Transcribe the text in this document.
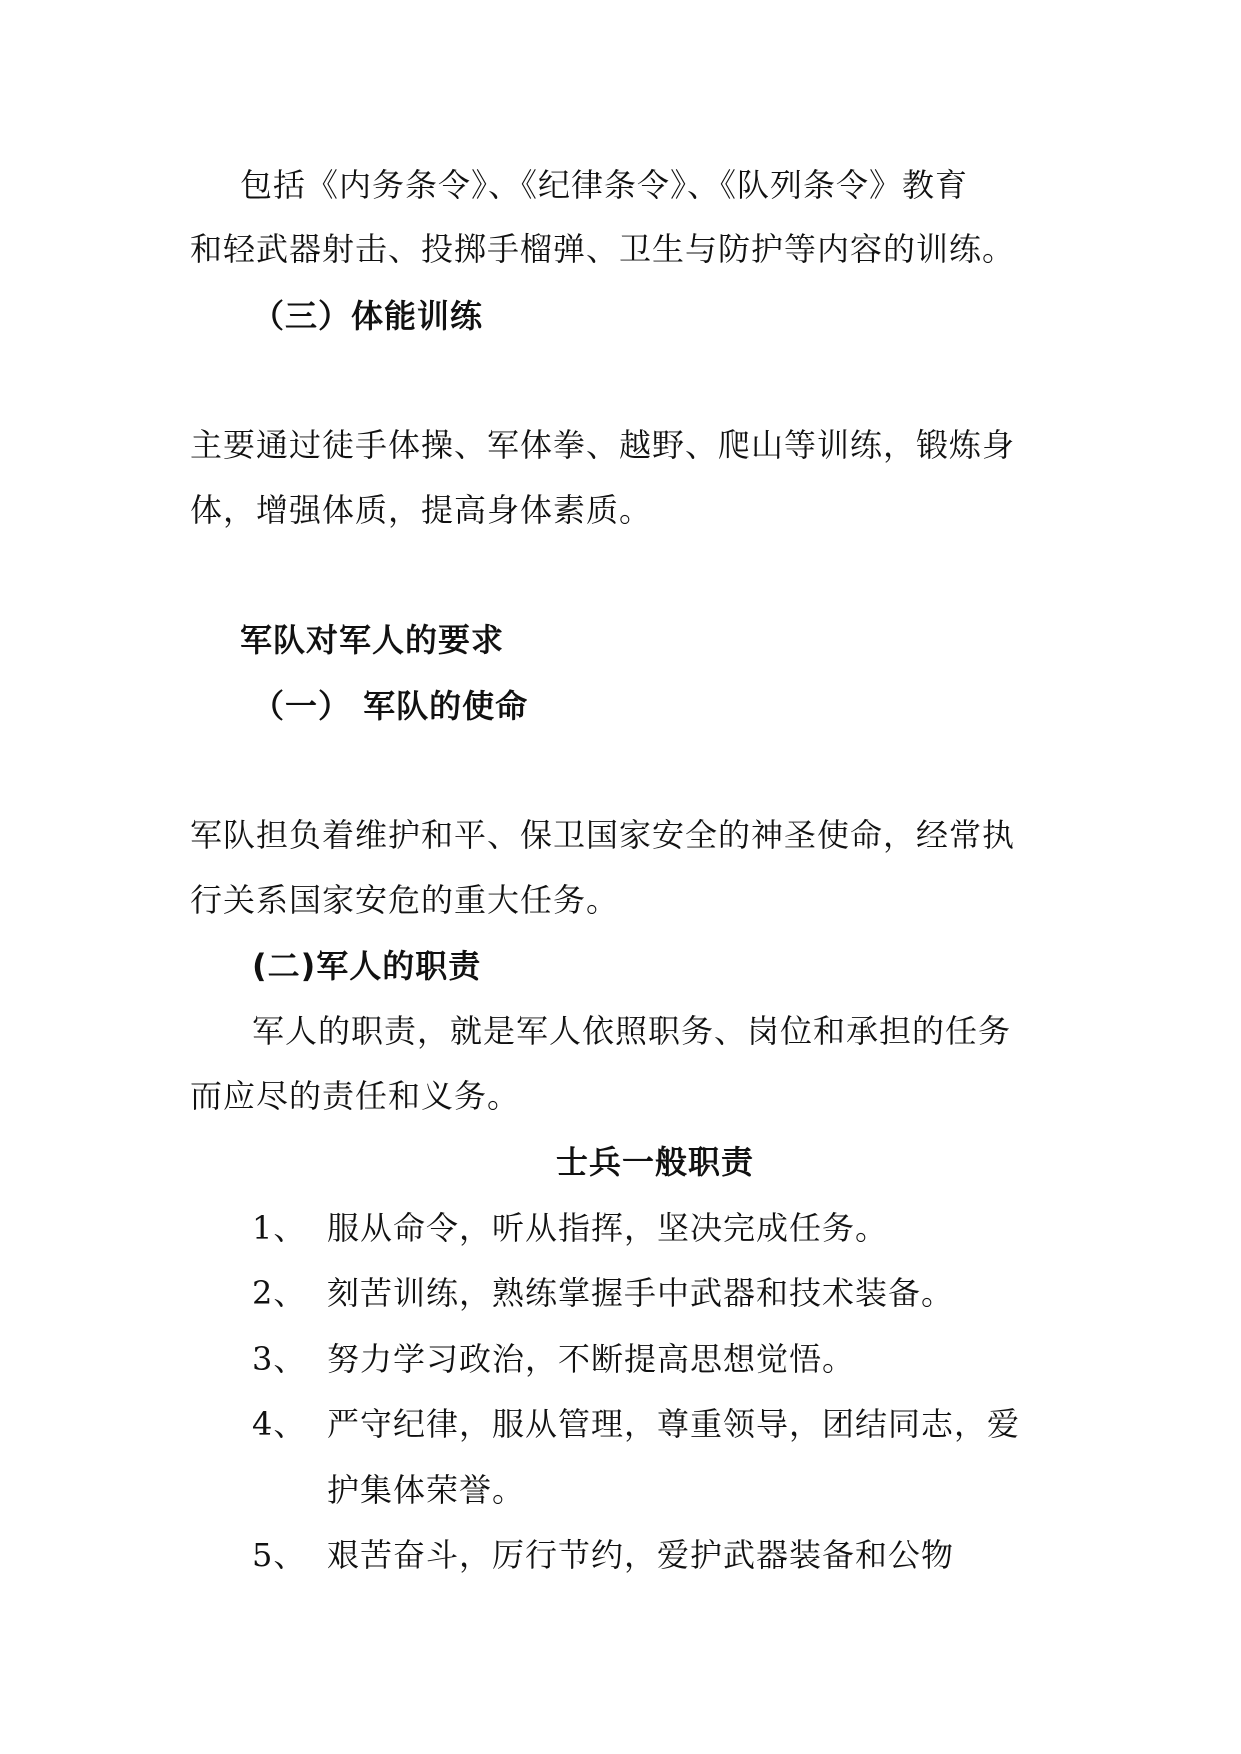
包括《内务条令》、《纪律条令》、《队列条令》教育
和轻武器射击、投掷手榴弹、卫生与防护等内容的训练。
（三）体能训练
主要通过徒手体操、军体拳、越野、爬山等训练，锻炼身
体，增强体质，提高身体素质。
军队对军人的要求
（一） 军队的使命
军队担负着维护和平、保卫国家安全的神圣使命，经常执
行关系国家安危的重大任务。
(二)军人的职责
军人的职责，就是军人依照职务、岗位和承担的任务
而应尽的责任和义务。
士兵一般职责
1、 服从命令，听从指挥，坚决完成任务。
2、 刻苦训练，熟练掌握手中武器和技术装备。
3、 努力学习政治，不断提高思想觉悟。
4、 严守纪律，服从管理，尊重领导，团结同志，爱
护集体荣誉。
5、 艰苦奋斗，厉行节约，爱护武器装备和公物
